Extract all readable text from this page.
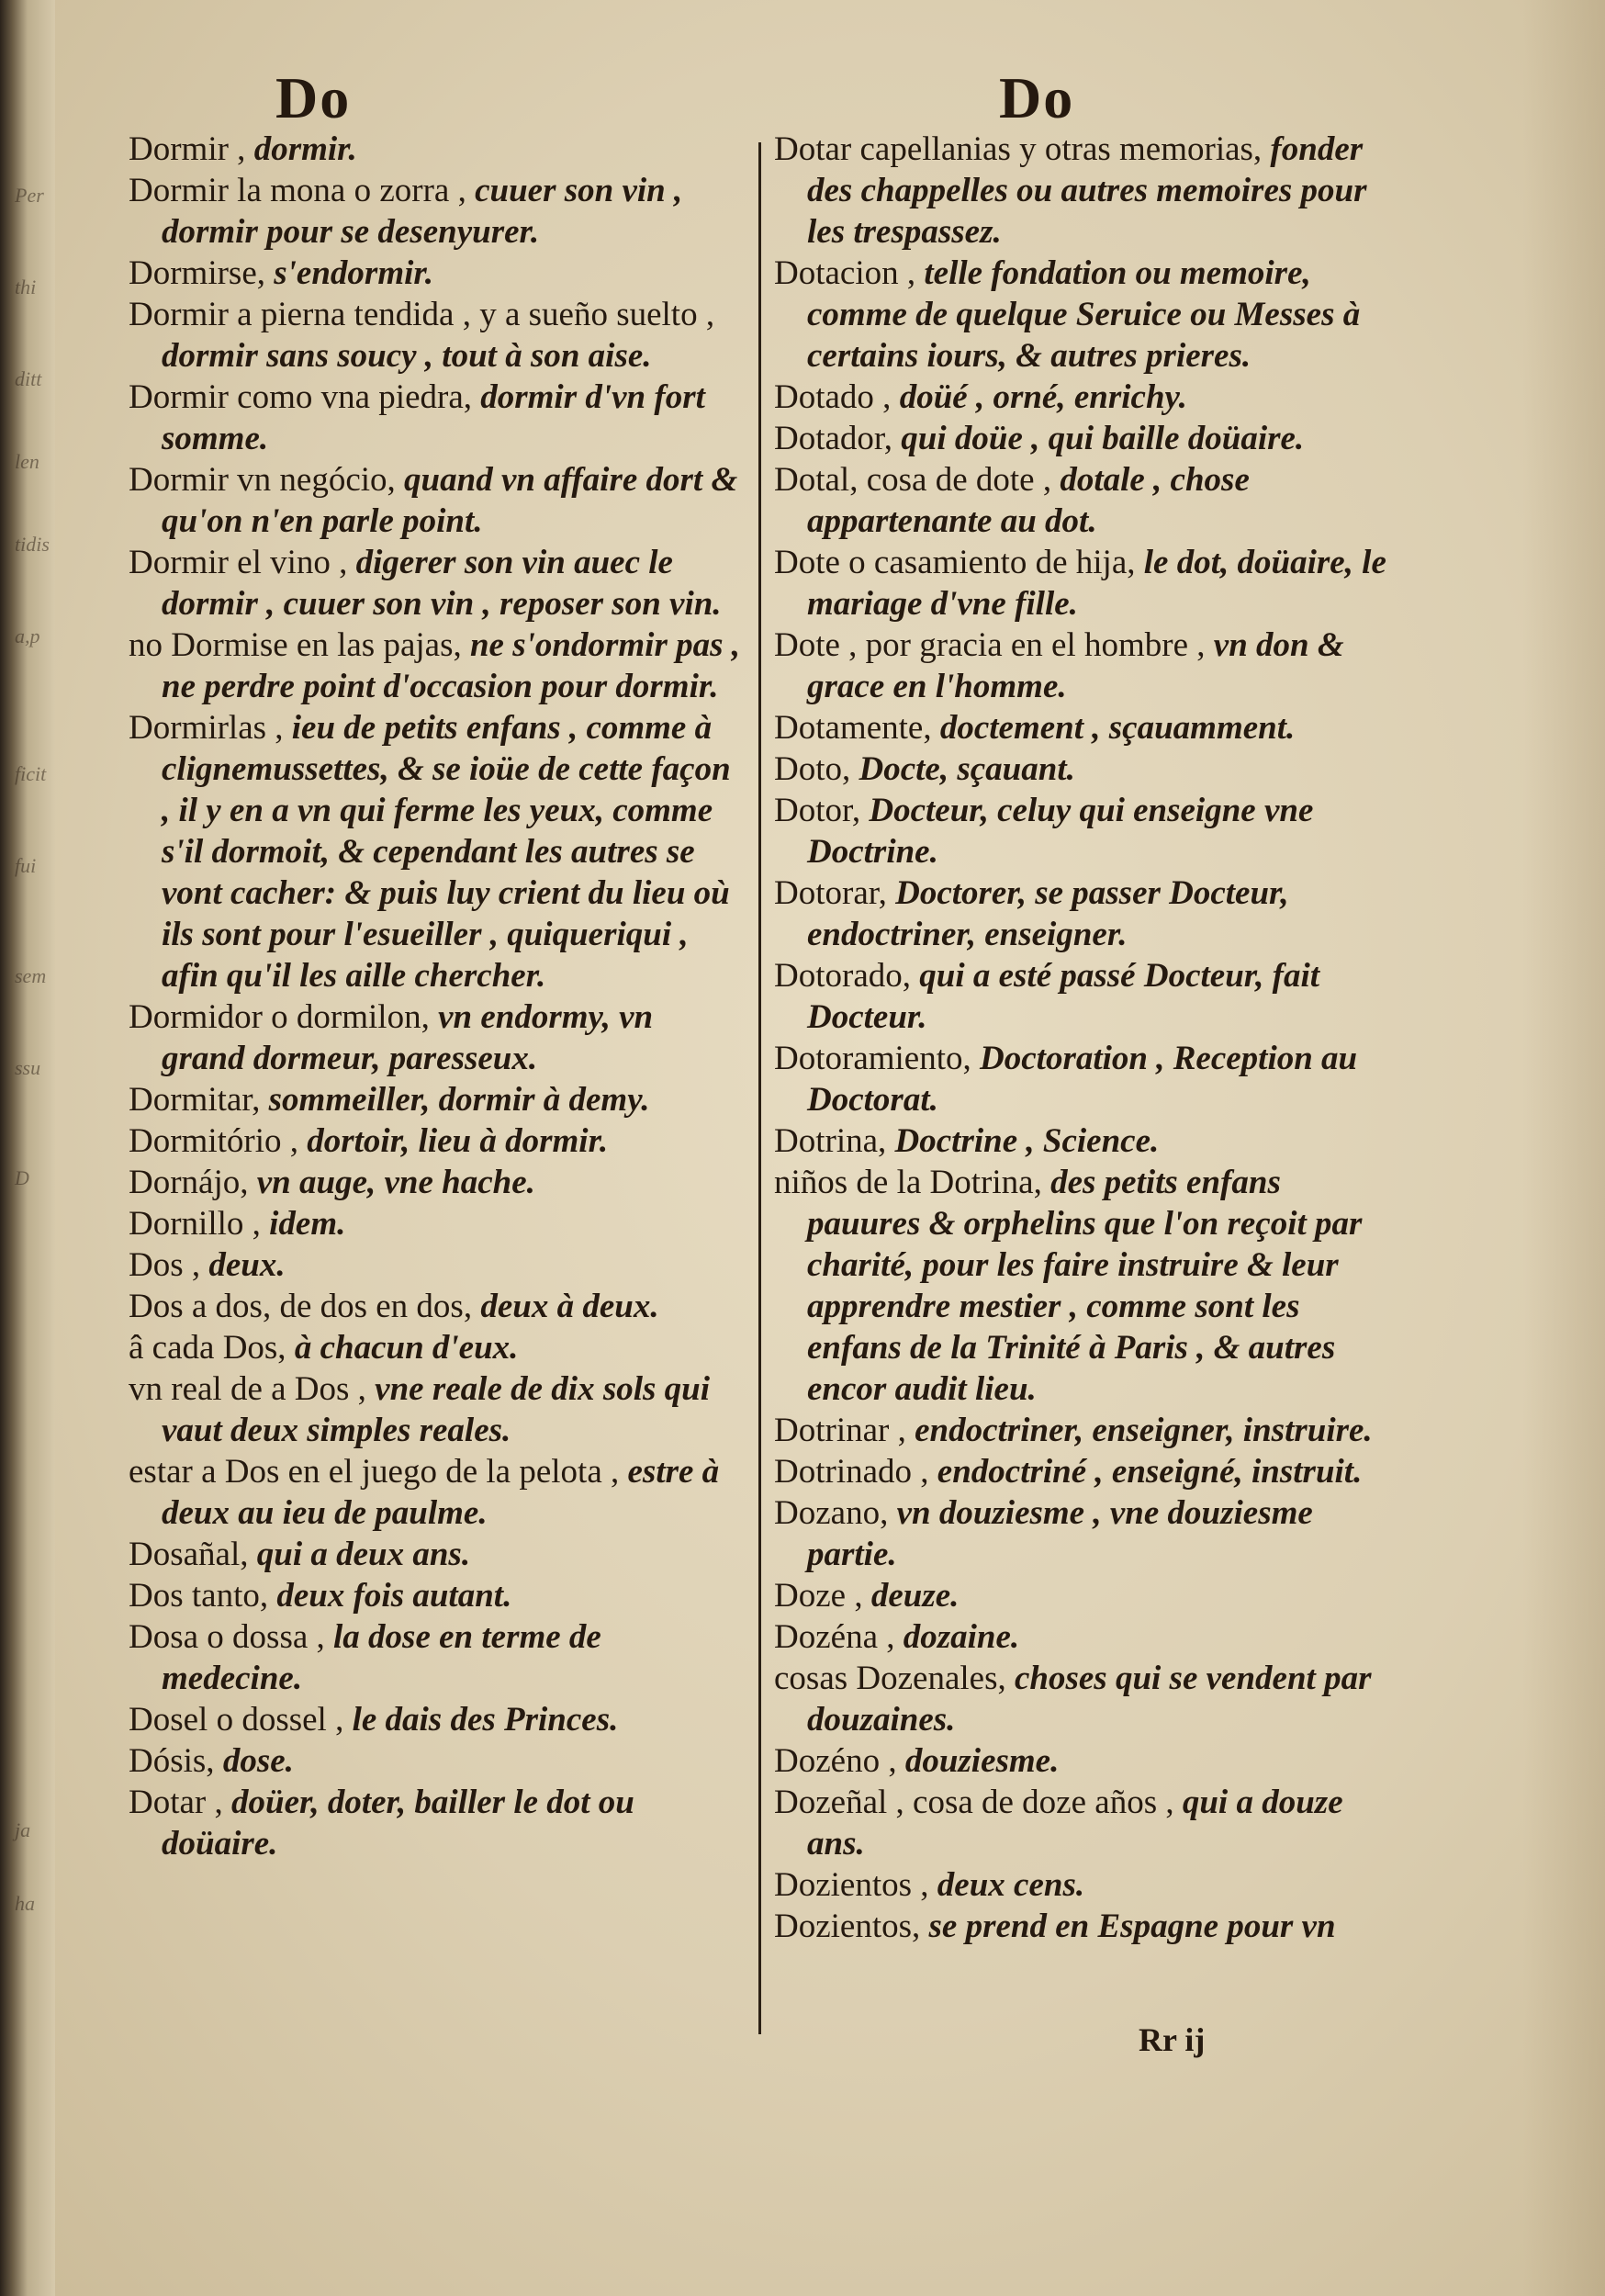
Per
thi
ditt
len
tidis
a,p
ficit
fui
sem
ssu
D
ja
ha
Do	Do

Dormir , dormir.

Dormir la mona o zorra , cuuer son vin , dormir pour se desenyurer.

Dormirse, s'endormir.

Dormir a pierna tendida , y a sueño suelto , dormir sans soucy , tout à son aise.

Dormir como vna piedra, dormir d'vn fort somme.

Dormir vn negócio, quand vn affaire dort & qu'on n'en parle point.

Dormir el vino , digerer son vin auec le dormir , cuuer son vin , reposer son vin.

no Dormise en las pajas, ne s'ondormir pas , ne perdre point d'occasion pour dormir.

Dormirlas , ieu de petits enfans , comme à clignemussettes, & se ioüe de cette façon , il y en a vn qui ferme les yeux, comme s'il dormoit, & cependant les autres se vont cacher: & puis luy crient du lieu où ils sont pour l'esueiller , quiqueriqui , afin qu'il les aille chercher.

Dormidor o dormilon, vn endormy, vn grand dormeur, paresseux.

Dormitar, sommeiller, dormir à demy.

Dormitório , dortoir, lieu à dormir.

Dornájo, vn auge, vne hache.

Dornillo , idem.

Dos , deux.

Dos a dos, de dos en dos, deux à deux.

â cada Dos, à chacun d'eux.

vn real de a Dos , vne reale de dix sols qui vaut deux simples reales.

estar a Dos en el juego de la pelota , estre à deux au ieu de paulme.

Dosañal, qui a deux ans.

Dos tanto, deux fois autant.

Dosa o dossa , la dose en terme de medecine.

Dosel o dossel , le dais des Princes.

Dósis, dose.

Dotar , doüer, doter, bailler le dot ou doüaire.

Dotar capellanias y otras memorias, fonder des chappelles ou autres memoires pour les trespassez.

Dotacion , telle fondation ou memoire, comme de quelque Seruice ou Messes à certains iours, & autres prieres.

Dotado , doüé , orné, enrichy.

Dotador, qui doüe , qui baille doüaire.

Dotal, cosa de dote , dotale , chose appartenante au dot.

Dote o casamiento de hija, le dot, doüaire, le mariage d'vne fille.

Dote , por gracia en el hombre , vn don & grace en l'homme.

Dotamente, doctement , sçauamment.

Doto, Docte, sçauant.

Dotor, Docteur, celuy qui enseigne vne Doctrine.

Dotorar, Doctorer, se passer Docteur, endoctriner, enseigner.

Dotorado, qui a esté passé Docteur, fait Docteur.

Dotoramiento, Doctoration , Reception au Doctorat.

Dotrina, Doctrine , Science.

niños de la Dotrina, des petits enfans pauures & orphelins que l'on reçoit par charité, pour les faire instruire & leur apprendre mestier , comme sont les enfans de la Trinité à Paris , & autres encor audit lieu.

Dotrinar , endoctriner, enseigner, instruire.

Dotrinado , endoctriné , enseigné, instruit.

Dozano, vn douziesme , vne douziesme partie.

Doze , deuze.

Dozéna , dozaine.

cosas Dozenales, choses qui se vendent par douzaines.

Dozéno , douziesme.

Dozeñal , cosa de doze años , qui a douze ans.

Dozientos , deux cens.

Dozientos, se prend en Espagne pour vn

Rr ij
